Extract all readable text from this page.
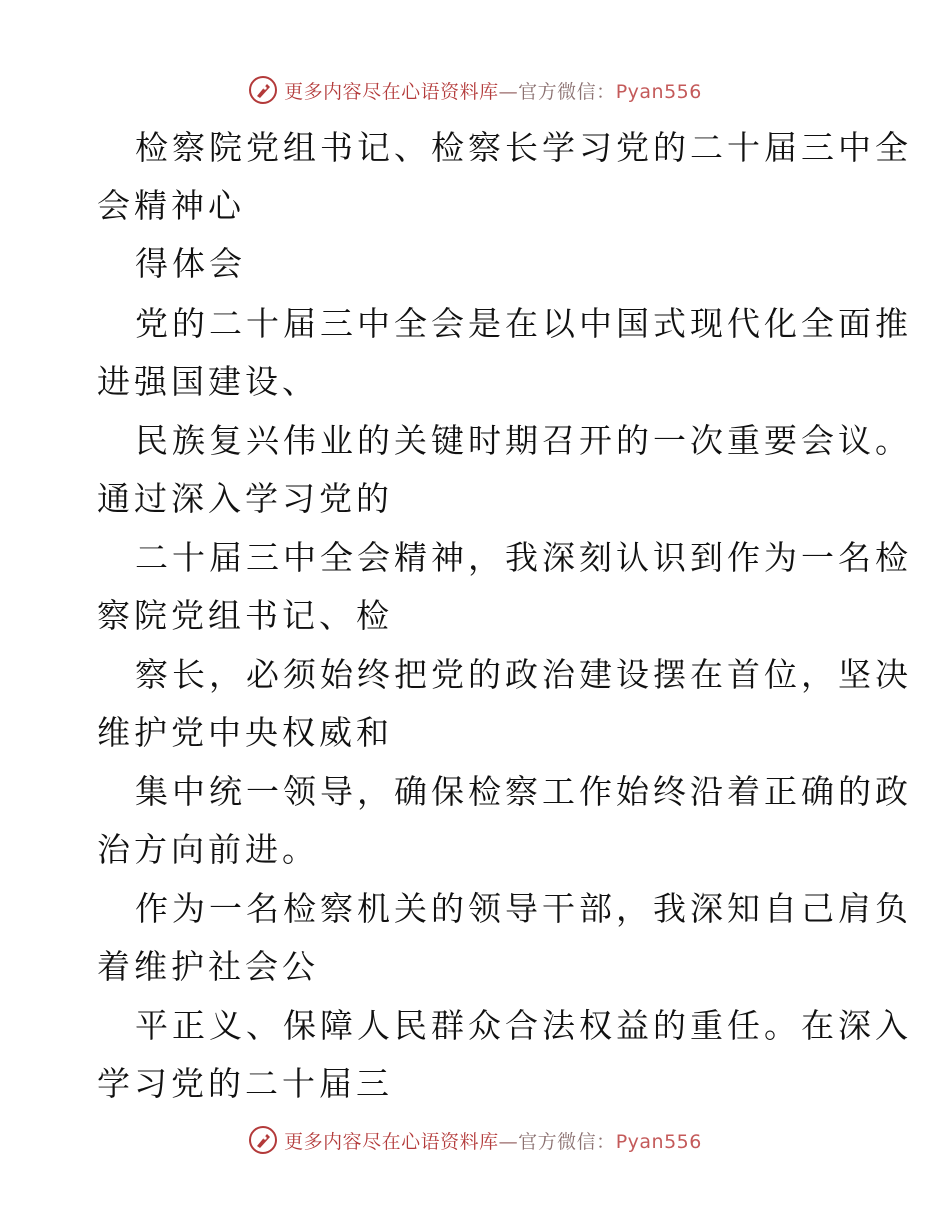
更多内容尽在心语资料库—官方微信：Pyan556
检察院党组书记、检察长学习党的二十届三中全
会精神心
得体会
党的二十届三中全会是在以中国式现代化全面推
进强国建设、
民族复兴伟业的关键时期召开的一次重要会议。
通过深入学习党的
二十届三中全会精神，我深刻认识到作为一名检
察院党组书记、检
察长，必须始终把党的政治建设摆在首位，坚决
维护党中央权威和
集中统一领导，确保检察工作始终沿着正确的政
治方向前进。
作为一名检察机关的领导干部，我深知自己肩负
着维护社会公
平正义、保障人民群众合法权益的重任。在深入
学习党的二十届三
更多内容尽在心语资料库—官方微信：Pyan556
